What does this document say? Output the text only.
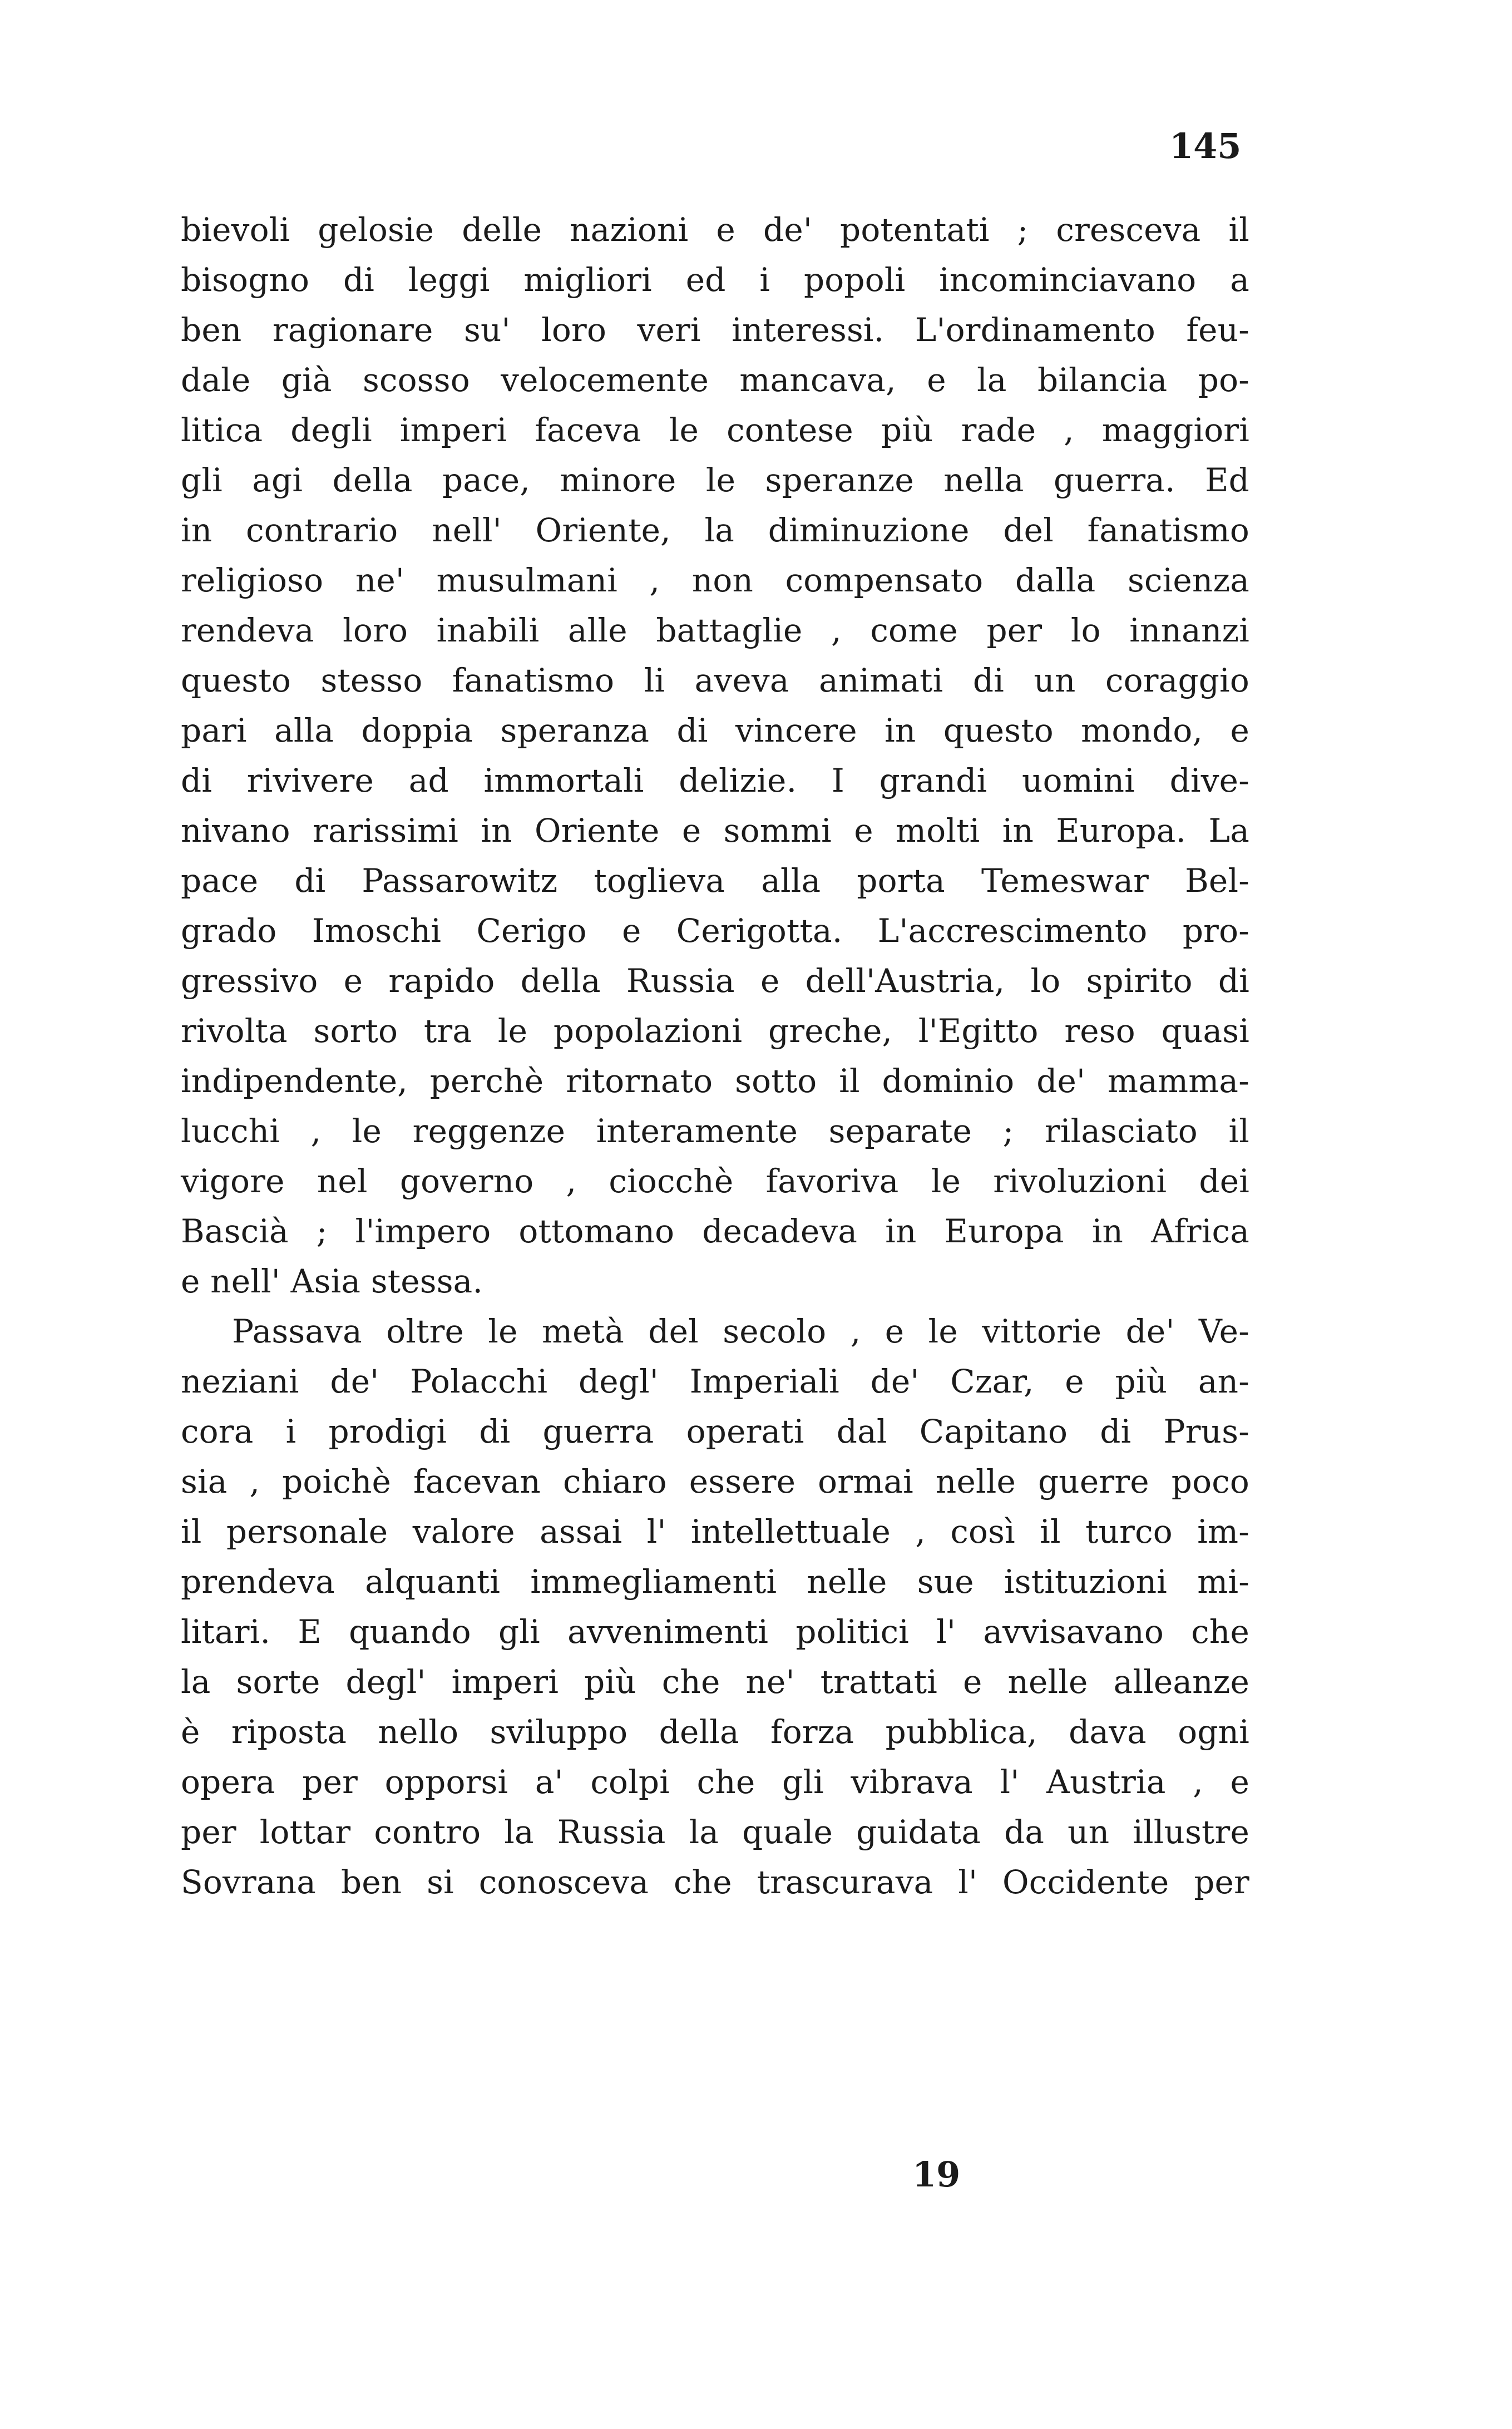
145
bievoli gelosie delle nazioni e de' potentati ; cresceva il
bisogno di leggi migliori ed i popoli incominciavano a
ben ragionare su' loro veri interessi. L'ordinamento feu-
dale già scosso velocemente mancava, e la bilancia po-
litica degli imperi faceva le contese più rade , maggiori
gli agi della pace, minore le speranze nella guerra. Ed
in contrario nell' Oriente, la diminuzione del fanatismo
religioso ne' musulmani , non compensato dalla scienza
rendeva loro inabili alle battaglie , come per lo innanzi
questo stesso fanatismo li aveva animati di un coraggio
pari alla doppia speranza di vincere in questo mondo, e
di rivivere ad immortali delizie. I grandi uomini dive-
nivano rarissimi in Oriente e sommi e molti in Europa. La
pace di Passarowitz toglieva alla porta Temeswar Bel-
grado Imoschi Cerigo e Cerigotta. L'accrescimento pro-
gressivo e rapido della Russia e dell'Austria, lo spirito di
rivolta sorto tra le popolazioni greche, l'Egitto reso quasi
indipendente, perchè ritornato sotto il dominio de' mamma-
lucchi , le reggenze interamente separate ; rilasciato il
vigore nel governo , ciocchè favoriva le rivoluzioni dei
Bascià ; l'impero ottomano decadeva in Europa in Africa
e nell' Asia stessa.
Passava oltre le metà del secolo , e le vittorie de' Ve-
neziani de' Polacchi degl' Imperiali de' Czar, e più an-
cora i prodigi di guerra operati dal Capitano di Prus-
sia , poichè facevan chiaro essere ormai nelle guerre poco
il personale valore assai l' intellettuale , così il turco im-
prendeva alquanti immegliamenti nelle sue istituzioni mi-
litari. E quando gli avvenimenti politici l' avvisavano che
la sorte degl' imperi più che ne' trattati e nelle alleanze
è riposta nello sviluppo della forza pubblica, dava ogni
opera per opporsi a' colpi che gli vibrava l' Austria , e
per lottar contro la Russia la quale guidata da un illustre
Sovrana ben si conosceva che trascurava l' Occidente per
19
